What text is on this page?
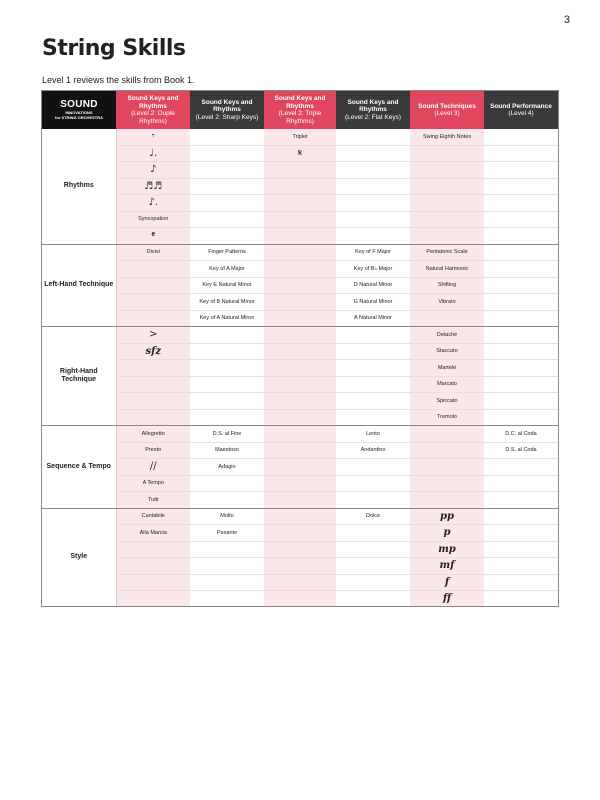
3
String Skills
Level 1 reviews the skills from Book 1.
SOUND
INNOVATIONS
for STRING ORCHESTRA	Sound Keys and Rhythms
(Level 2: Duple Rhythms)	Sound Keys and Rhythms
(Level 2: Sharp Keys)	Sound Keys and Rhythms
(Level 2: Triple Rhythms)	Sound Keys and Rhythms
(Level 2: Flat Keys)	Sound Techniques
(Level 3)	Sound Performance
(Level 4)

Rhythms	𝄾		Triplet		Swing Eighth Notes	
	♩.		𝄋			
	♪					
	♬♬					
	♪.					
	Syncopation					
	𝄵					
Left-Hand Technique	Divisi	Finger Patterns		Key of F Major	Pentatonic Scale	
		Key of A Major		Key of B♭ Major	Natural Harmonic	
		Key E Natural Minor		D Natural Minor	Shifting	
		Key of B Natural Minor		G Natural Minor	Vibrato	
		Key of A Natural Minor		A Natural Minor		
Right-Hand Technique	>				Detaché	
	sfz				Staccato	
					Martelé	
					Marcato	
					Spiccato	
					Tremolo	
Sequence & Tempo	Allegretto	D.S. al Fine		Lento		D.C. al Coda
	Presto	Maestoso		Andantino		D.S. al Coda
	//	Adagio				
	A Tempo					
	Tutti					
Style	Cantabile	Molto		Dolce	pp	
	Alla Marcia	Pesante			p	
					mp	
					mf	
					f	
					ff	
